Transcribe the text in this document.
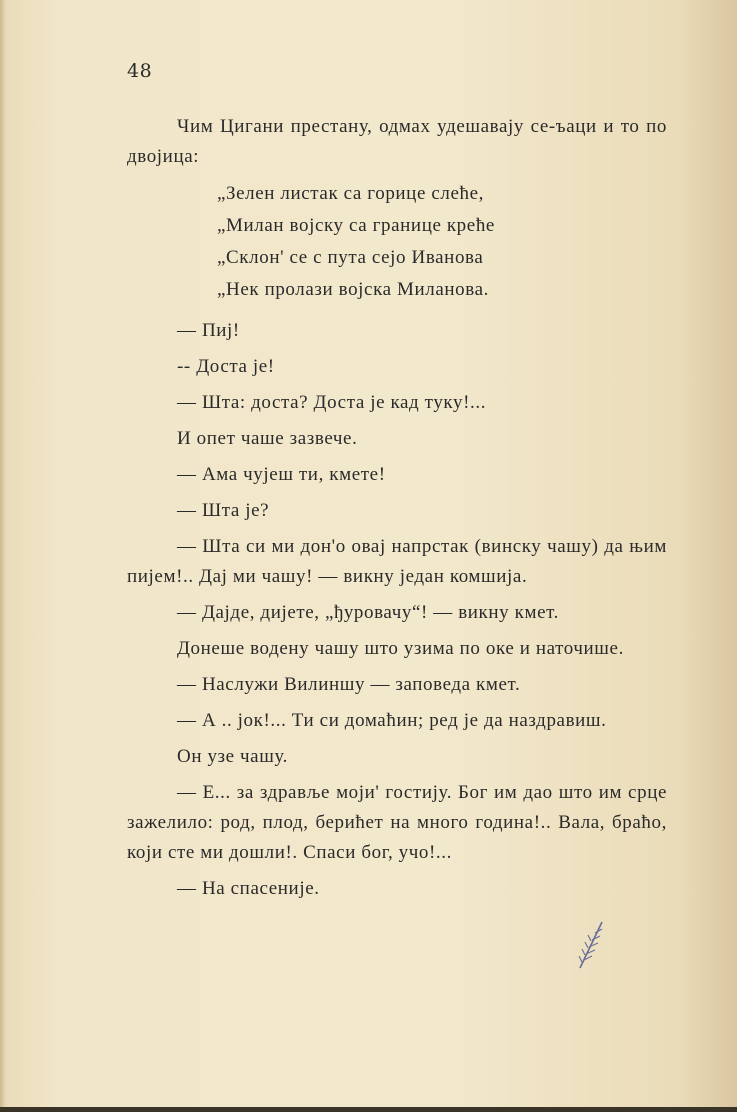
48

Чим Цигани престану, одмах удешавају се-ъаци и то по двојица:

„Зелен листак са горице слеће,
„Милан војску са границе креће
„Склон' се с пута сејо Иванова
„Нек пролази војска Миланова.

— Пиј!

-- Доста је!

— Шта: доста? Доста је кад туку!...

И опет чаше зазвече.

— Ама чујеш ти, кмете!

— Шта је?

— Шта си ми дон'о овај напрстак (винску чашу) да њим пијем!.. Дај ми чашу! — викну један комшија.

— Дајде, дијете, „ђуровачу“! — викну кмет.

Донеше водену чашу што узима по оке и наточише.

— Наслужи Вилиншу — заповеда кмет.

— А .. јок!... Ти си домаћин; ред је да наздравиш.

Он узе чашу.

— Е... за здравље моји' гостију. Бог им дао што им срце зажелило: род, плод, берићет на много година!.. Вала, браћо, који сте ми дошли!. Спаси бог, учо!...

— На спасеније.
